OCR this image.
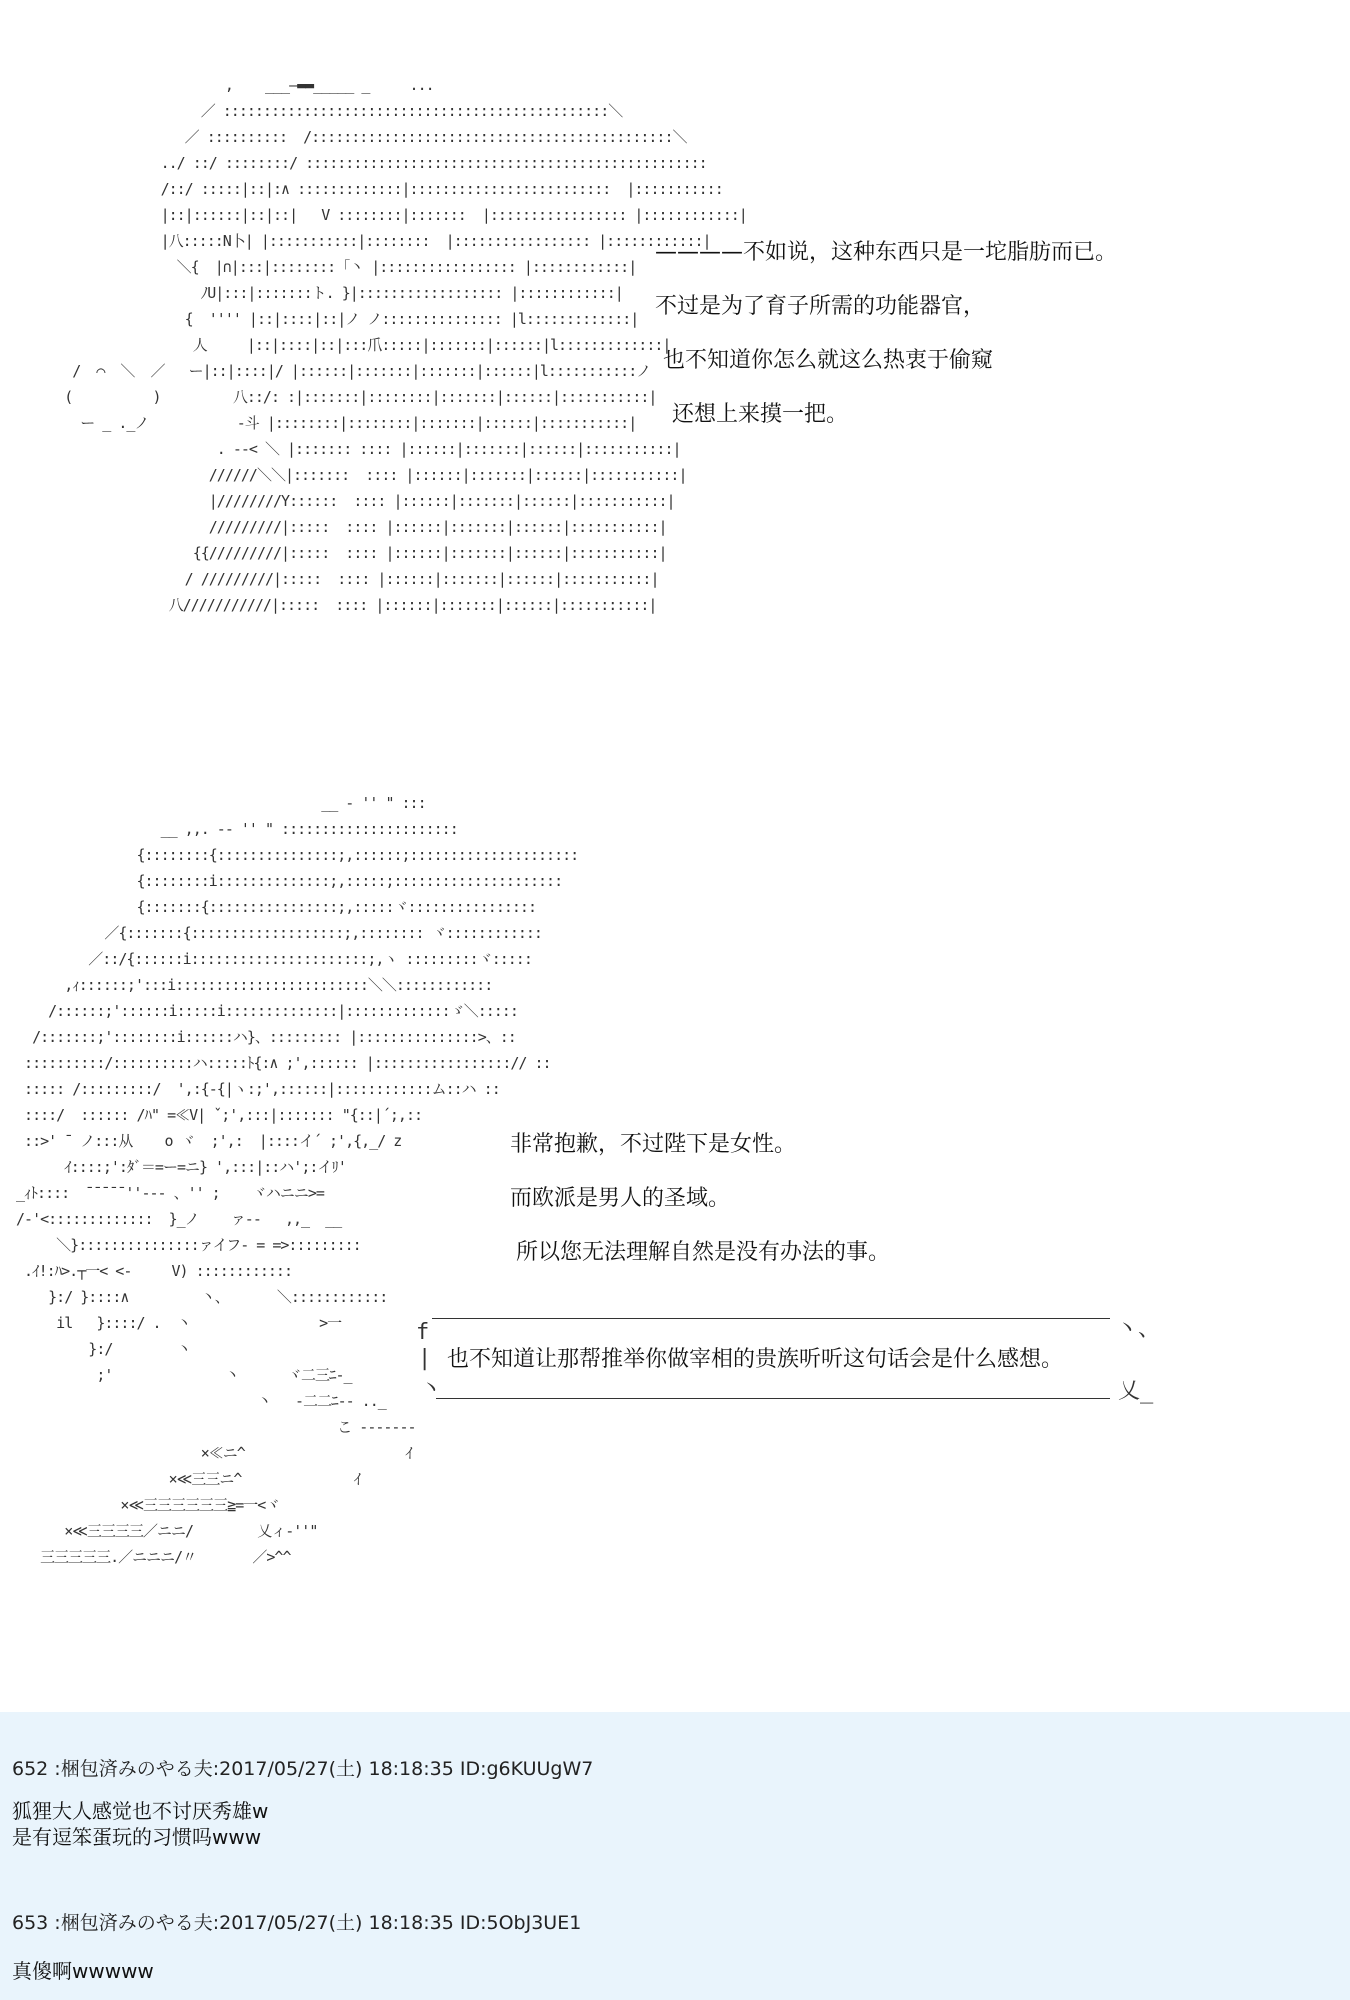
,    ___—▬▬_____ _     ...
／ ::::::::::::::::::::::::::::::::::::::::::::::::＼
／ ::::::::::  /:::::::::::::::::::::::::::::::::::::::::::::＼
../ ::/ ::::::::/ ::::::::::::::::::::::::::::::::::::::::::::::::::
/::/ :::::|::|:∧ :::::::::::::|:::::::::::::::::::::::::  |:::::::::::
|::|::::::|::|::|   V ::::::::|:::::::  |::::::::::::::::: |::::::::::::|
|八:::::N卜| |:::::::::::|::::::::  |::::::::::::::::: |::::::::::::|
＼{  |∩|:::|::::::::「丶 |::::::::::::::::: |::::::::::::|
ﾉU|:::|:::::::ト. }|:::::::::::::::::: |::::::::::::|
{  '''' |::|::::|::|ノ ノ::::::::::::::: |l:::::::::::::|
人     |::|::::|::|:::爪:::::|:::::::|::::::|l:::::::::::::|
/  ⌒  ＼  ／   ー|::|::::|/ |::::::|:::::::|:::::::|::::::|l:::::::::::ノ
(          )         八::/: :|:::::::|::::::::|:::::::|::::::|:::::::::::|
ー _ ._ノ           -斗 |::::::::|::::::::|:::::::|::::::|:::::::::::|
. ‐‐< ＼ |::::::: :::: |::::::|:::::::|::::::|:::::::::::|
//////＼＼|:::::::  :::: |::::::|:::::::|::::::|:::::::::::|
|////////Y::::::  :::: |::::::|:::::::|::::::|:::::::::::|
/////////|:::::  :::: |::::::|:::::::|::::::|:::::::::::|
{{/////////|:::::  :::: |::::::|:::::::|::::::|:::::::::::|
/ /////////|:::::  :::: |::::::|:::::::|::::::|:::::::::::|
八///////////|:::::  :::: |::::::|:::::::|::::::|:::::::::::|
————不如说，这种东西只是一坨脂肪而已。
不过是为了育子所需的功能器官，
也不知道你怎么就这么热衷于偷窥
还想上来摸一把。
__ ‐ '' " :::
__ ,,. -- '' " ::::::::::::::::::::::
{::::::::{:::::::::::::::;,::::::;:::::::::::::::::::::
{::::::::i::::::::::::::;,:::::;:::::::::::::::::::::
{:::::::{::::::::::::::::;,:::::ヾ::::::::::::::::
／{:::::::{:::::::::::::::::::;,:::::::: ヾ::::::::::::
／::/{::::::i::::::::::::::::::::::;,ヽ :::::::::ヾ:::::
,ｨ::::::;':::i::::::::::::::::::::::::＼＼::::::::::::
/::::::;'::::::i:::::i::::::::::::::|:::::::::::::ゞ＼:::::
/:::::::;'::::::::i::::::ハ}、::::::::: |:::::::::::::::>、::
::::::::::/::::::::::ハ:::::ﾄ{:∧ ;',:::::: |:::::::::::::::::// ::
::::: /:::::::::/  ',:{‐{|ヽ:;',::::::|::::::::::::ム::ハ ::
::::/  :::::: /ﾊ" =≪V| ˇ;',:::|::::::: "{::|´;,::
::>' ¯ ノ:::从    o ヾ  ;',:  |::::イ´ ;',{,_/ z
ｲ::::;':ﾀﾞ＝=ー=ニ} ',:::|::ハ';:イﾘ'
_ｨﾄ::::  ¯¯¯¯¯''--- 、'' ;    ヾハニニ>=
/-'<:::::::::::::  }_ノ    ァ--   ,,_  __
＼}:::::::::::::::ァイフ- = =>:::::::::
.ｲ!:ﾊ>.┬一< <‐     V) ::::::::::::
}:/ }::::∧         丶、      ＼::::::::::::
il   }::::/ .  丶                >一
}:/        丶
;'              丶      ヾ二三ﾆ-_
丶   ‐二二ﾆ-‐ .._
こ ‐‐‐‐‐‐-
×≪ニ^                    ｲ
×≪三三ニ^              ｲ
×≪三三三三三三≧=一<ヾ
×≪三三三三／ニニ/        乂ィ-''"
三三三三三.／ニニニ/〃       ／>^^
非常抱歉，不过陛下是女性。
而欧派是男人的圣域。
所以您无法理解自然是没有办法的事。
f
|
丶、
也不知道让那帮推举你做宰相的贵族听听这句话会是什么感想。
丶	乂_
652 :梱包済みのやる夫:2017/05/27(土) 18:18:35 ID:g6KUUgW7
狐狸大人感觉也不讨厌秀雄w
是有逗笨蛋玩的习惯吗www
653 :梱包済みのやる夫:2017/05/27(土) 18:18:35 ID:5ObJ3UE1
真傻啊wwwww
